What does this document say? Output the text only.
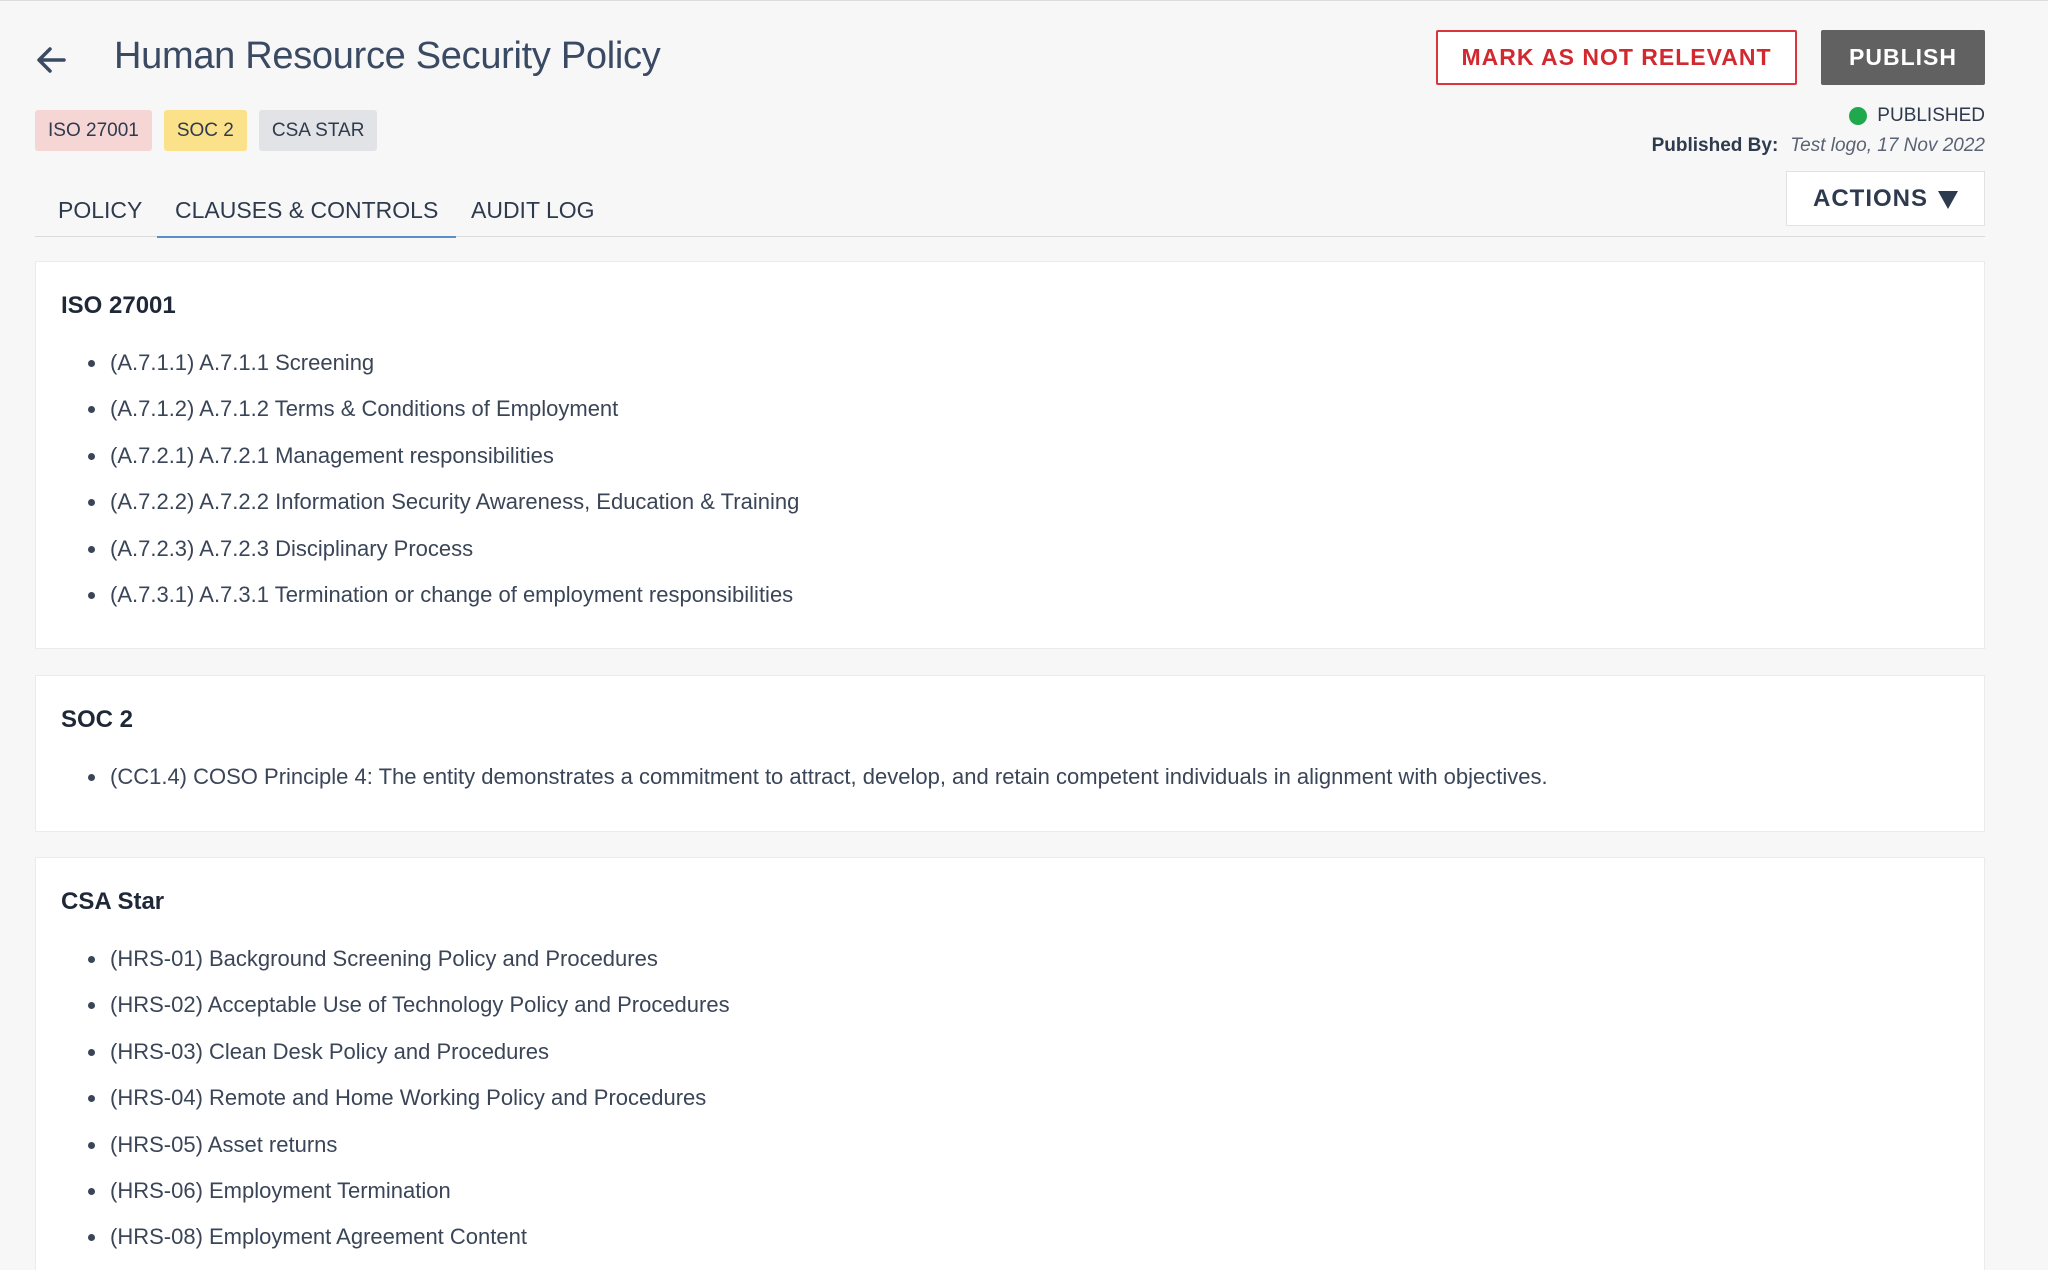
Human Resource Security Policy	MARK AS NOT RELEVANT	PUBLISH
ISO 27001	SOC 2	CSA STAR
PUBLISHED
Published By: Test logo, 17 Nov 2022
POLICY CLAUSES & CONTROLS AUDIT LOG	ACTIONS
ISO 27001
(A.7.1.1) A.7.1.1 Screening
(A.7.1.2) A.7.1.2 Terms & Conditions of Employment
(A.7.2.1) A.7.2.1 Management responsibilities
(A.7.2.2) A.7.2.2 Information Security Awareness, Education & Training
(A.7.2.3) A.7.2.3 Disciplinary Process
(A.7.3.1) A.7.3.1 Termination or change of employment responsibilities
SOC 2
(CC1.4) COSO Principle 4: The entity demonstrates a commitment to attract, develop, and retain competent individuals in alignment with objectives.
CSA Star
(HRS-01) Background Screening Policy and Procedures
(HRS-02) Acceptable Use of Technology Policy and Procedures
(HRS-03) Clean Desk Policy and Procedures
(HRS-04) Remote and Home Working Policy and Procedures
(HRS-05) Asset returns
(HRS-06) Employment Termination
(HRS-08) Employment Agreement Content
